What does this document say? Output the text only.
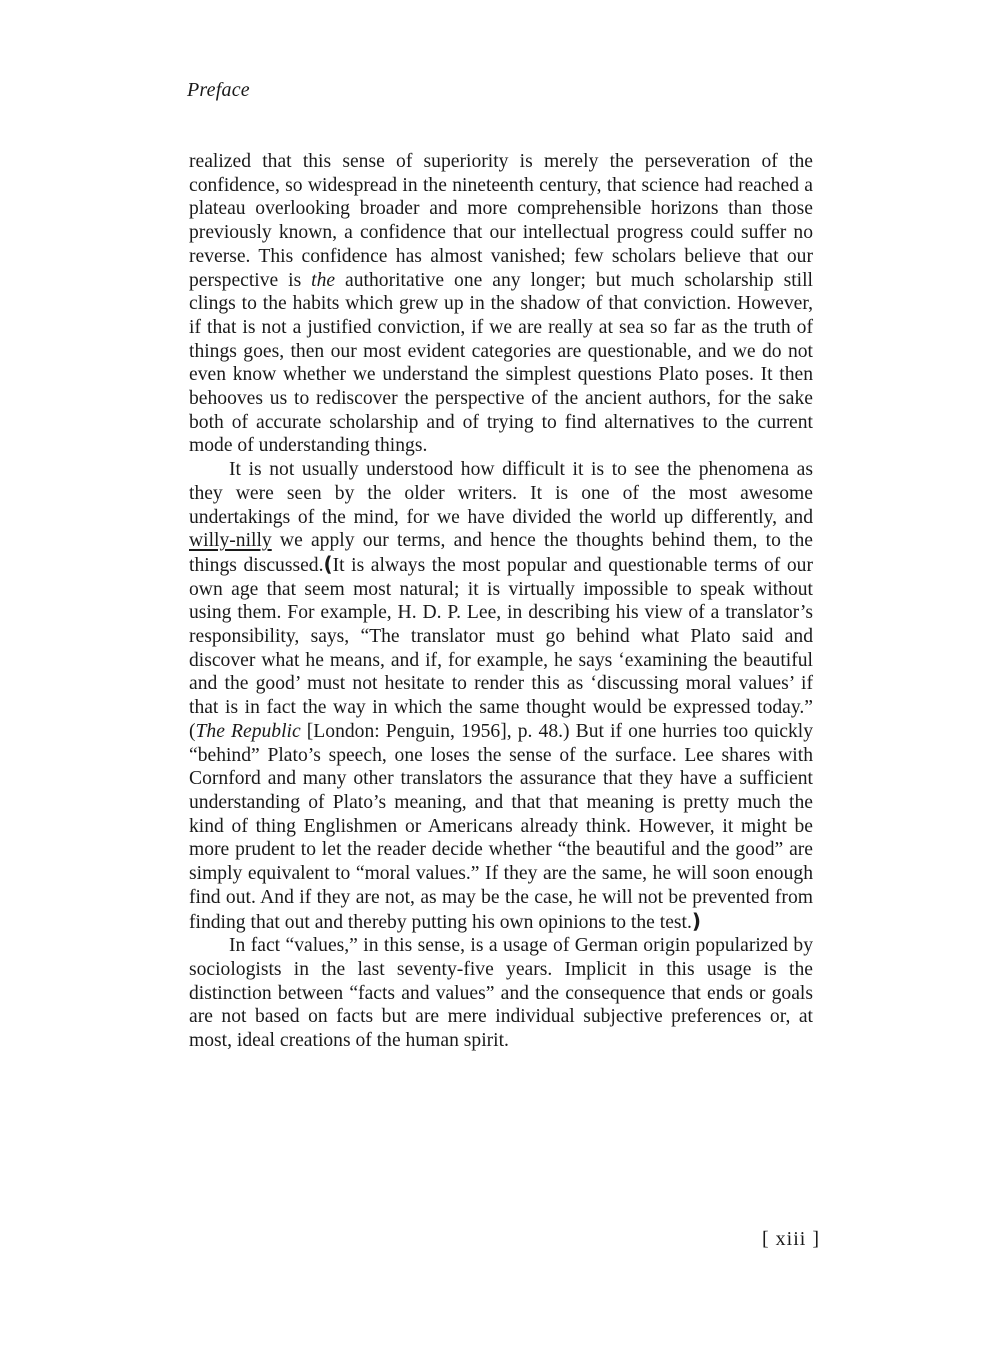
Preface

realized that this sense of superiority is merely the perseveration of the confidence, so widespread in the nineteenth century, that science had reached a plateau overlooking broader and more comprehensible horizons than those previously known, a confidence that our intellectual progress could suffer no reverse. This confidence has almost vanished; few scholars believe that our perspective is the authoritative one any longer; but much scholarship still clings to the habits which grew up in the shadow of that conviction. However, if that is not a justified conviction, if we are really at sea so far as the truth of things goes, then our most evident categories are questionable, and we do not even know whether we understand the simplest questions Plato poses. It then behooves us to rediscover the perspective of the ancient authors, for the sake both of accurate scholarship and of trying to find alternatives to the current mode of understanding things.

It is not usually understood how difficult it is to see the phenomena as they were seen by the older writers. It is one of the most awesome undertakings of the mind, for we have divided the world up differently, and willy-nilly we apply our terms, and hence the thoughts behind them, to the things discussed.(It is always the most popular and questionable terms of our own age that seem most natural; it is virtually impossible to speak without using them. For example, H. D. P. Lee, in describing his view of a translator’s responsibility, says, “The translator must go behind what Plato said and discover what he means, and if, for example, he says ‘examining the beautiful and the good’ must not hesitate to render this as ‘discussing moral values’ if that is in fact the way in which the same thought would be expressed today.” (The Republic [London: Penguin, 1956], p. 48.) But if one hurries too quickly “behind” Plato’s speech, one loses the sense of the surface. Lee shares with Cornford and many other translators the assurance that they have a sufficient understanding of Plato’s meaning, and that that meaning is pretty much the kind of thing Englishmen or Americans already think. However, it might be more prudent to let the reader decide whether “the beautiful and the good” are simply equivalent to “moral values.” If they are the same, he will soon enough find out. And if they are not, as may be the case, he will not be prevented from finding that out and thereby putting his own opinions to the test.)

In fact “values,” in this sense, is a usage of German origin popularized by sociologists in the last seventy-five years. Implicit in this usage is the distinction between “facts and values” and the consequence that ends or goals are not based on facts but are mere individual subjective preferences or, at most, ideal creations of the human spirit.

[ xiii ]
